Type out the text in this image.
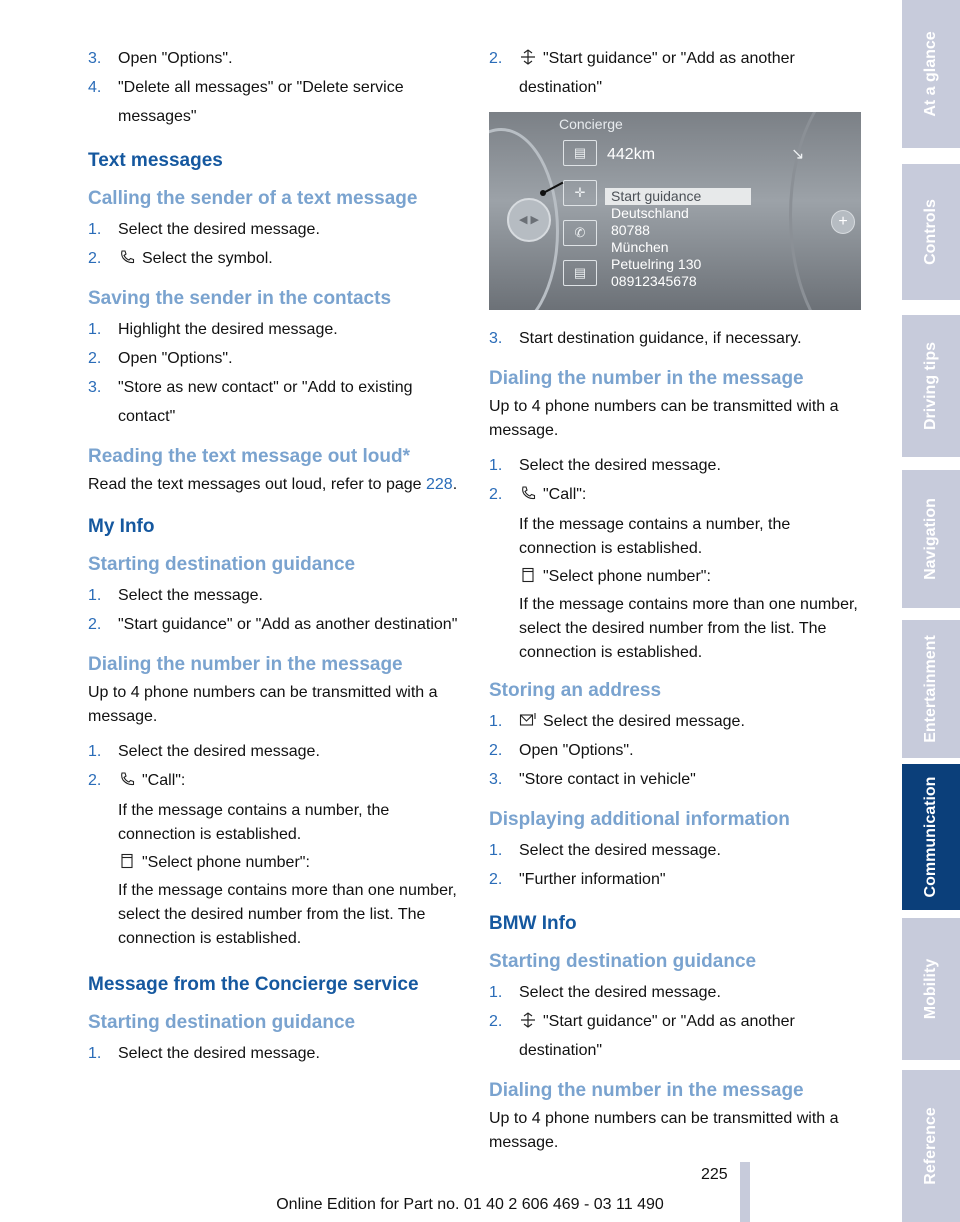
3.	Open "Options".
4.	"Delete all messages" or "Delete service messages"
Text messages
Calling the sender of a text message
1.	Select the desired message.
2.	Select the symbol.
Saving the sender in the contacts
1.	Highlight the desired message.
2.	Open "Options".
3.	"Store as new contact" or "Add to existing contact"
Reading the text message out loud*
Read the text messages out loud, refer to page 228.
My Info
Starting destination guidance
1.	Select the message.
2.	"Start guidance" or "Add as another destination"
Dialing the number in the message
Up to 4 phone numbers can be transmitted with a message.
1.	Select the desired message.
2.	"Call":
If the message contains a number, the connection is established.
"Select phone number":
If the message contains more than one number, select the desired number from the list. The connection is established.
Message from the Concierge service
Starting destination guidance
1.	Select the desired message.
2.	"Start guidance" or "Add as another destination"
Concierge
▤
✛
✆
▤
442km	↘
Start guidance
Deutschland
80788
München
Petuelring 130
08912345678
◀ ▶	+
3.	Start destination guidance, if necessary.
Dialing the number in the message
Up to 4 phone numbers can be transmitted with a message.
1.	Select the desired message.
2.	"Call":
If the message contains a number, the connection is established.
"Select phone number":
If the message contains more than one number, select the desired number from the list. The connection is established.
Storing an address
1.	Select the desired message.
2.	Open "Options".
3.	"Store contact in vehicle"
Displaying additional information
1.	Select the desired message.
2.	"Further information"
BMW Info
Starting destination guidance
1.	Select the desired message.
2.	"Start guidance" or "Add as another destination"
Dialing the number in the message
Up to 4 phone numbers can be transmitted with a message.
At a glance
Controls
Driving tips
Navigation
Entertainment
Communication
Mobility
Reference
225
Online Edition for Part no. 01 40 2 606 469 - 03 11 490
